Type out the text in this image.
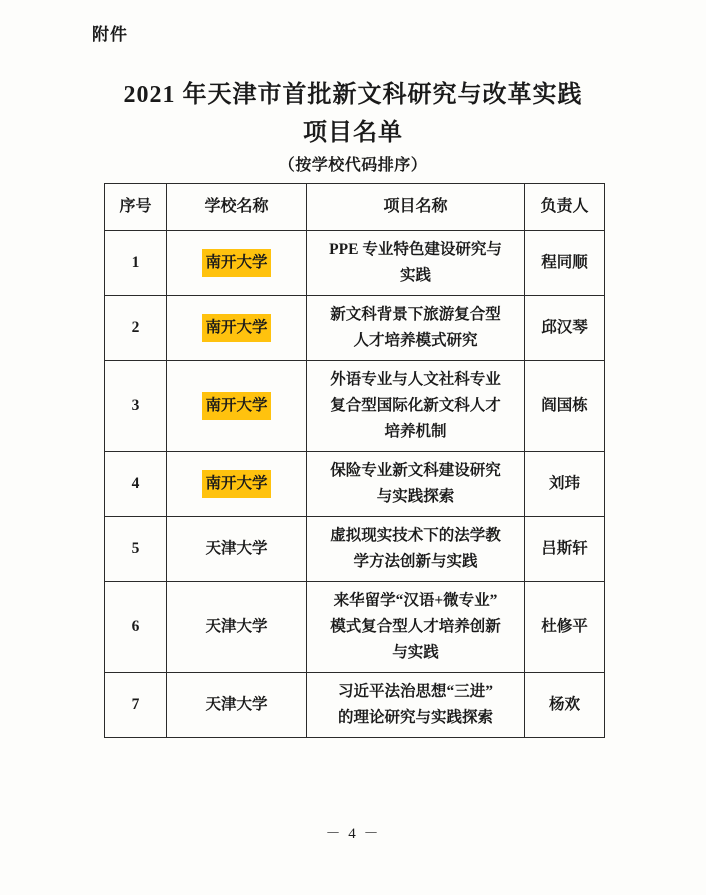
附件
2021 年天津市首批新文科研究与改革实践
项目名单
（按学校代码排序）
序号	学校名称	项目名称	负责人
1	南开大学	PPE 专业特色建设研究与
实践	程同顺
2	南开大学	新文科背景下旅游复合型
人才培养模式研究	邱汉琴
3	南开大学	外语专业与人文社科专业
复合型国际化新文科人才
培养机制	阎国栋
4	南开大学	保险专业新文科建设研究
与实践探索	刘玮
5	天津大学	虚拟现实技术下的法学教
学方法创新与实践	吕斯轩
6	天津大学	来华留学“汉语+微专业”
模式复合型人才培养创新
与实践	杜修平
7	天津大学	习近平法治思想“三进”
的理论研究与实践探索	杨欢
－ 4 －
